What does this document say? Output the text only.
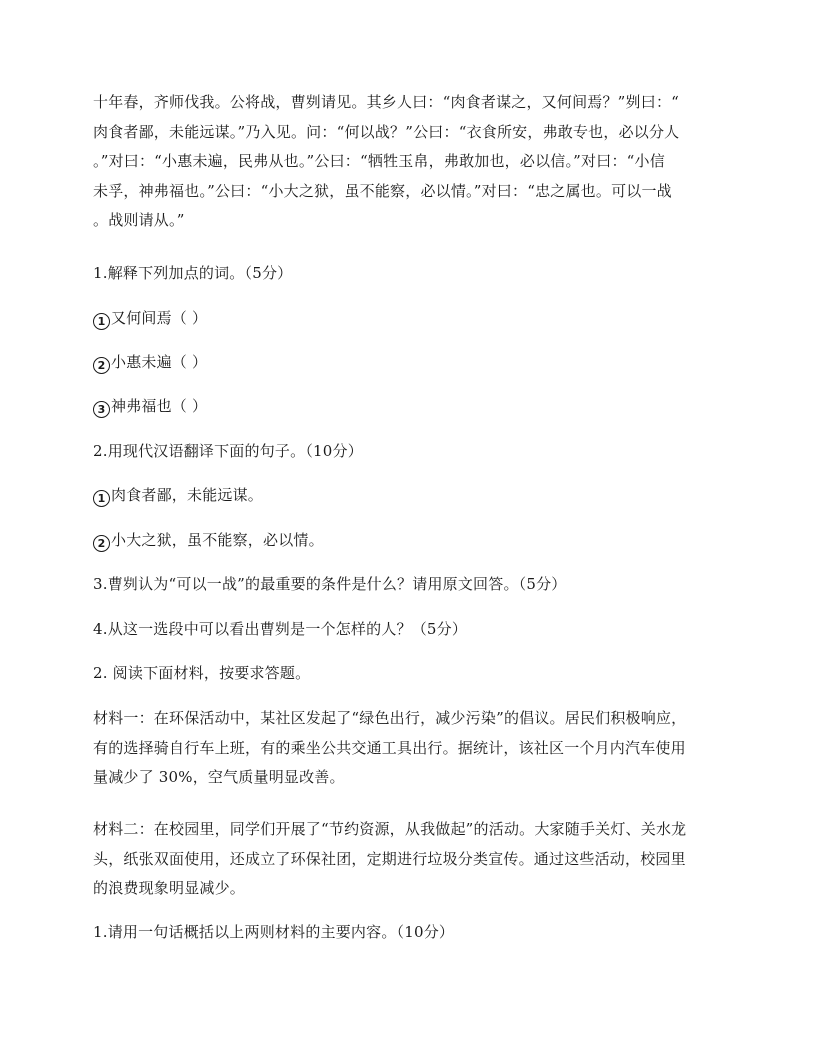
十年春，齐师伐我。公将战，曹刿请见。其乡人曰：“肉食者谋之，又何间焉？”刿曰：“
肉食者鄙，未能远谋。”乃入见。问：“何以战？”公曰：“衣食所安，弗敢专也，必以分人
。”对曰：“小惠未遍，民弗从也。”公曰：“牺牲玉帛，弗敢加也，必以信。”对曰：“小信
未孚，神弗福也。”公曰：“小大之狱，虽不能察，必以情。”对曰：“忠之属也。可以一战
。战则请从。”
1.解释下列加点的词。（5分）
1 又何间焉（ ）
2 小惠未遍（ ）
3 神弗福也（ ）
2.用现代汉语翻译下面的句子。（10分）
1 肉食者鄙，未能远谋。
2 小大之狱，虽不能察，必以情。
3.曹刿认为“可以一战”的最重要的条件是什么？请用原文回答。（5分）
4.从这一选段中可以看出曹刿是一个怎样的人？（5分）
2. 阅读下面材料，按要求答题。
材料一：在环保活动中，某社区发起了“绿色出行，减少污染”的倡议。居民们积极响应，
有的选择骑自行车上班，有的乘坐公共交通工具出行。据统计，该社区一个月内汽车使用
量减少了 30%，空气质量明显改善。
材料二：在校园里，同学们开展了“节约资源，从我做起”的活动。大家随手关灯、关水龙
头，纸张双面使用，还成立了环保社团，定期进行垃圾分类宣传。通过这些活动，校园里
的浪费现象明显减少。
1.请用一句话概括以上两则材料的主要内容。（10分）
